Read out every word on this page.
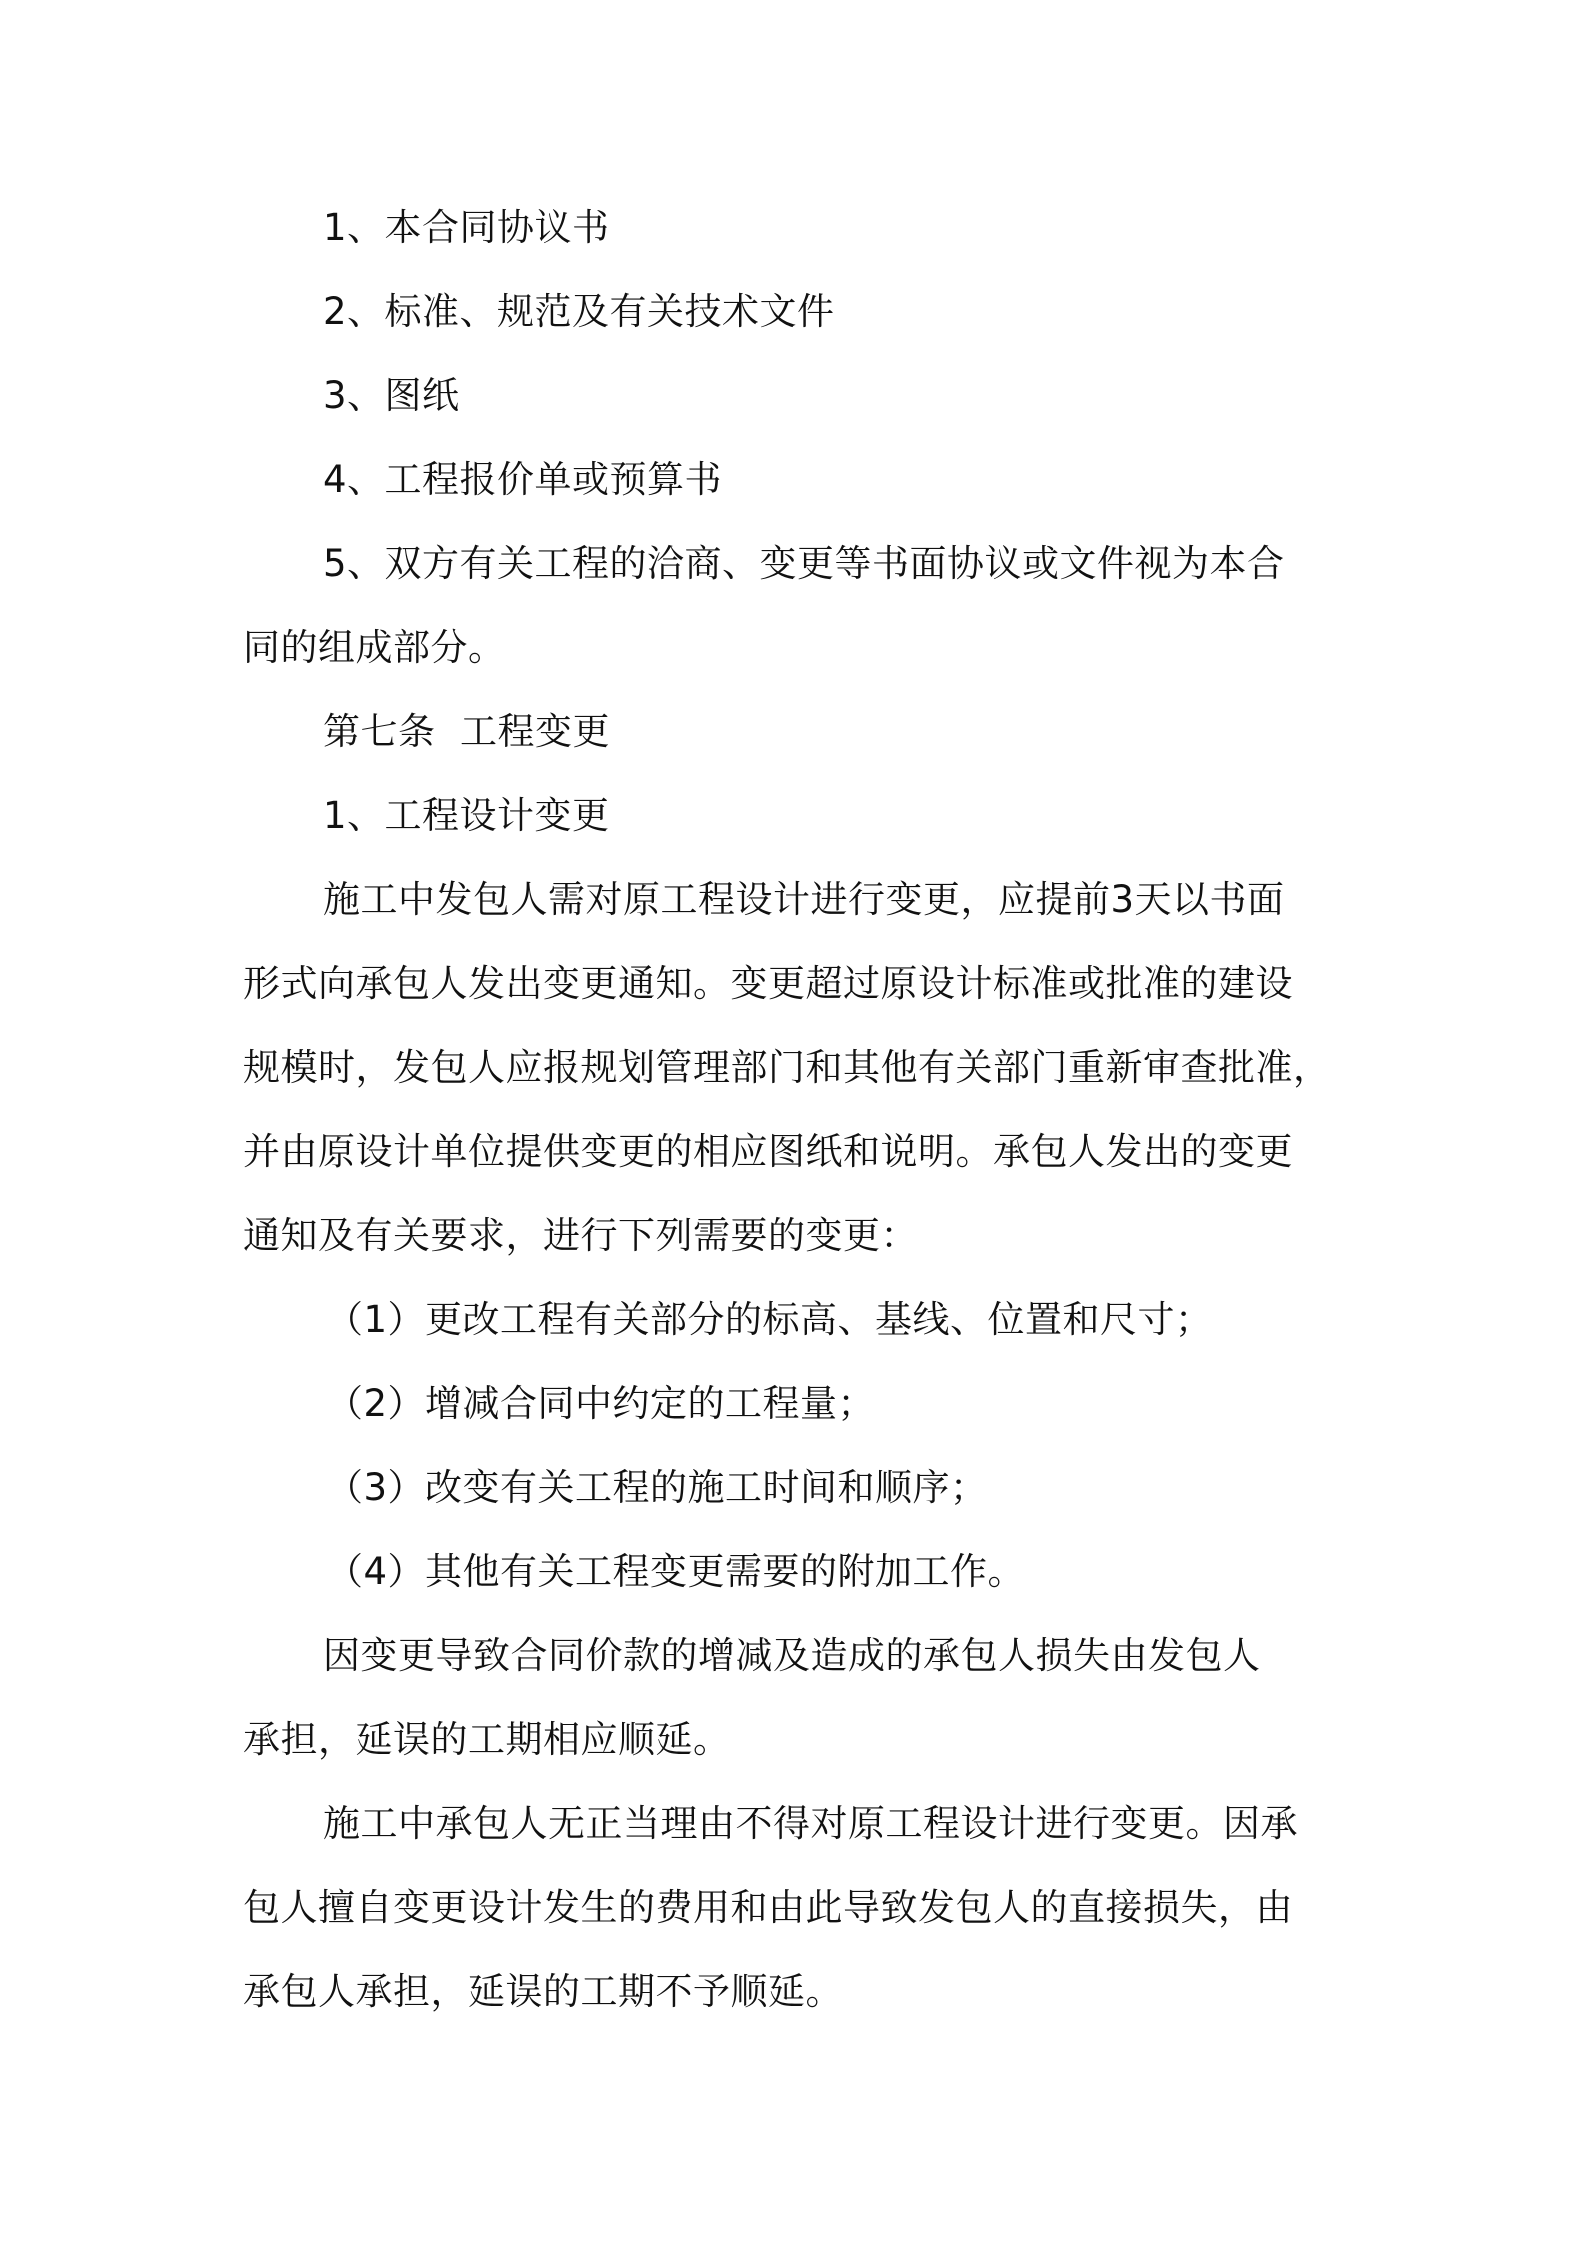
1、本合同协议书
2、标准、规范及有关技术文件
3、图纸
4、工程报价单或预算书
5、双方有关工程的洽商、变更等书面协议或文件视为本合
同的组成部分。
第七条  工程变更
1、工程设计变更
施工中发包人需对原工程设计进行变更，应提前3天以书面
形式向承包人发出变更通知。变更超过原设计标准或批准的建设
规模时，发包人应报规划管理部门和其他有关部门重新审查批准，
并由原设计单位提供变更的相应图纸和说明。承包人发出的变更
通知及有关要求，进行下列需要的变更：
（1）更改工程有关部分的标高、基线、位置和尺寸；
（2）增减合同中约定的工程量；
（3）改变有关工程的施工时间和顺序；
（4）其他有关工程变更需要的附加工作。
因变更导致合同价款的增减及造成的承包人损失由发包人
承担，延误的工期相应顺延。
施工中承包人无正当理由不得对原工程设计进行变更。因承
包人擅自变更设计发生的费用和由此导致发包人的直接损失，由
承包人承担，延误的工期不予顺延。
